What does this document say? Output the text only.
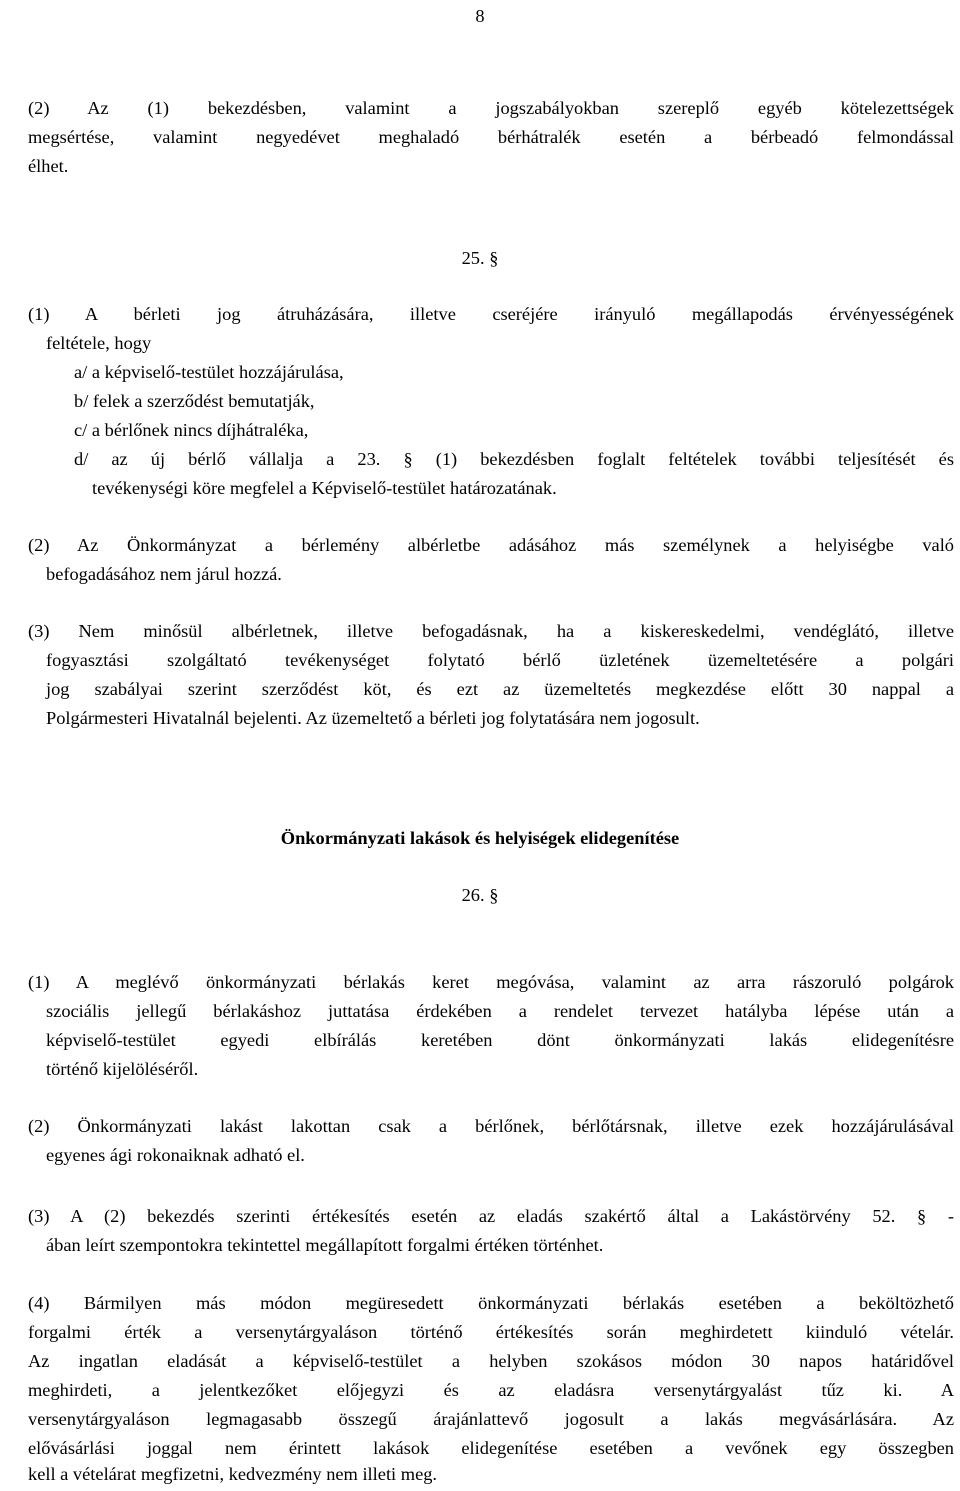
8
(2) Az (1) bekezdésben, valamint a jogszabályokban szereplő egyéb kötelezettségek
megsértése, valamint negyedévet meghaladó bérhátralék esetén a bérbeadó felmondással
élhet.
25. §
(1) A bérleti jog átruházására, illetve cseréjére irányuló megállapodás érvényességének
feltétele, hogy
a/ a képviselő-testület hozzájárulása,
b/ felek a szerződést bemutatják,
c/ a bérlőnek nincs díjhátraléka,
d/ az új bérlő vállalja a 23. § (1) bekezdésben foglalt feltételek további teljesítését és
tevékenységi köre megfelel a Képviselő-testület határozatának.
(2) Az Önkormányzat a bérlemény albérletbe adásához más személynek a helyiségbe való
befogadásához nem járul hozzá.
(3) Nem minősül albérletnek, illetve befogadásnak, ha a kiskereskedelmi, vendéglátó, illetve
fogyasztási szolgáltató tevékenységet folytató bérlő üzletének üzemeltetésére a polgári
jog szabályai szerint szerződést köt, és ezt az üzemeltetés megkezdése előtt 30 nappal a
Polgármesteri Hivatalnál bejelenti. Az üzemeltető a bérleti jog folytatására nem jogosult.
Önkormányzati lakások és helyiségek elidegenítése
26. §
(1) A meglévő önkormányzati bérlakás keret megóvása, valamint az arra rászoruló polgárok
szociális jellegű bérlakáshoz juttatása érdekében a rendelet tervezet hatályba lépése után a
képviselő-testület egyedi elbírálás keretében dönt önkormányzati lakás elidegenítésre
történő kijelöléséről.
(2) Önkormányzati lakást lakottan csak a bérlőnek, bérlőtársnak, illetve ezek hozzájárulásával
egyenes ági rokonaiknak adható el.
(3) A (2) bekezdés szerinti értékesítés esetén az eladás szakértő által a Lakástörvény 52. § -
ában leírt szempontokra tekintettel megállapított forgalmi értéken történhet.
(4) Bármilyen más módon megüresedett önkormányzati bérlakás esetében a beköltözhető
forgalmi érték a versenytárgyaláson történő értékesítés során meghirdetett kiinduló vételár.
Az ingatlan eladását a képviselő-testület a helyben szokásos módon 30 napos határidővel
meghirdeti, a jelentkezőket előjegyzi és az eladásra versenytárgyalást tűz ki. A
versenytárgyaláson legmagasabb összegű árajánlattevő jogosult a lakás megvásárlására. Az
elővásárlási joggal nem érintett lakások elidegenítése esetében a vevőnek egy összegben
kell a vételárat megfizetni, kedvezmény nem illeti meg.
